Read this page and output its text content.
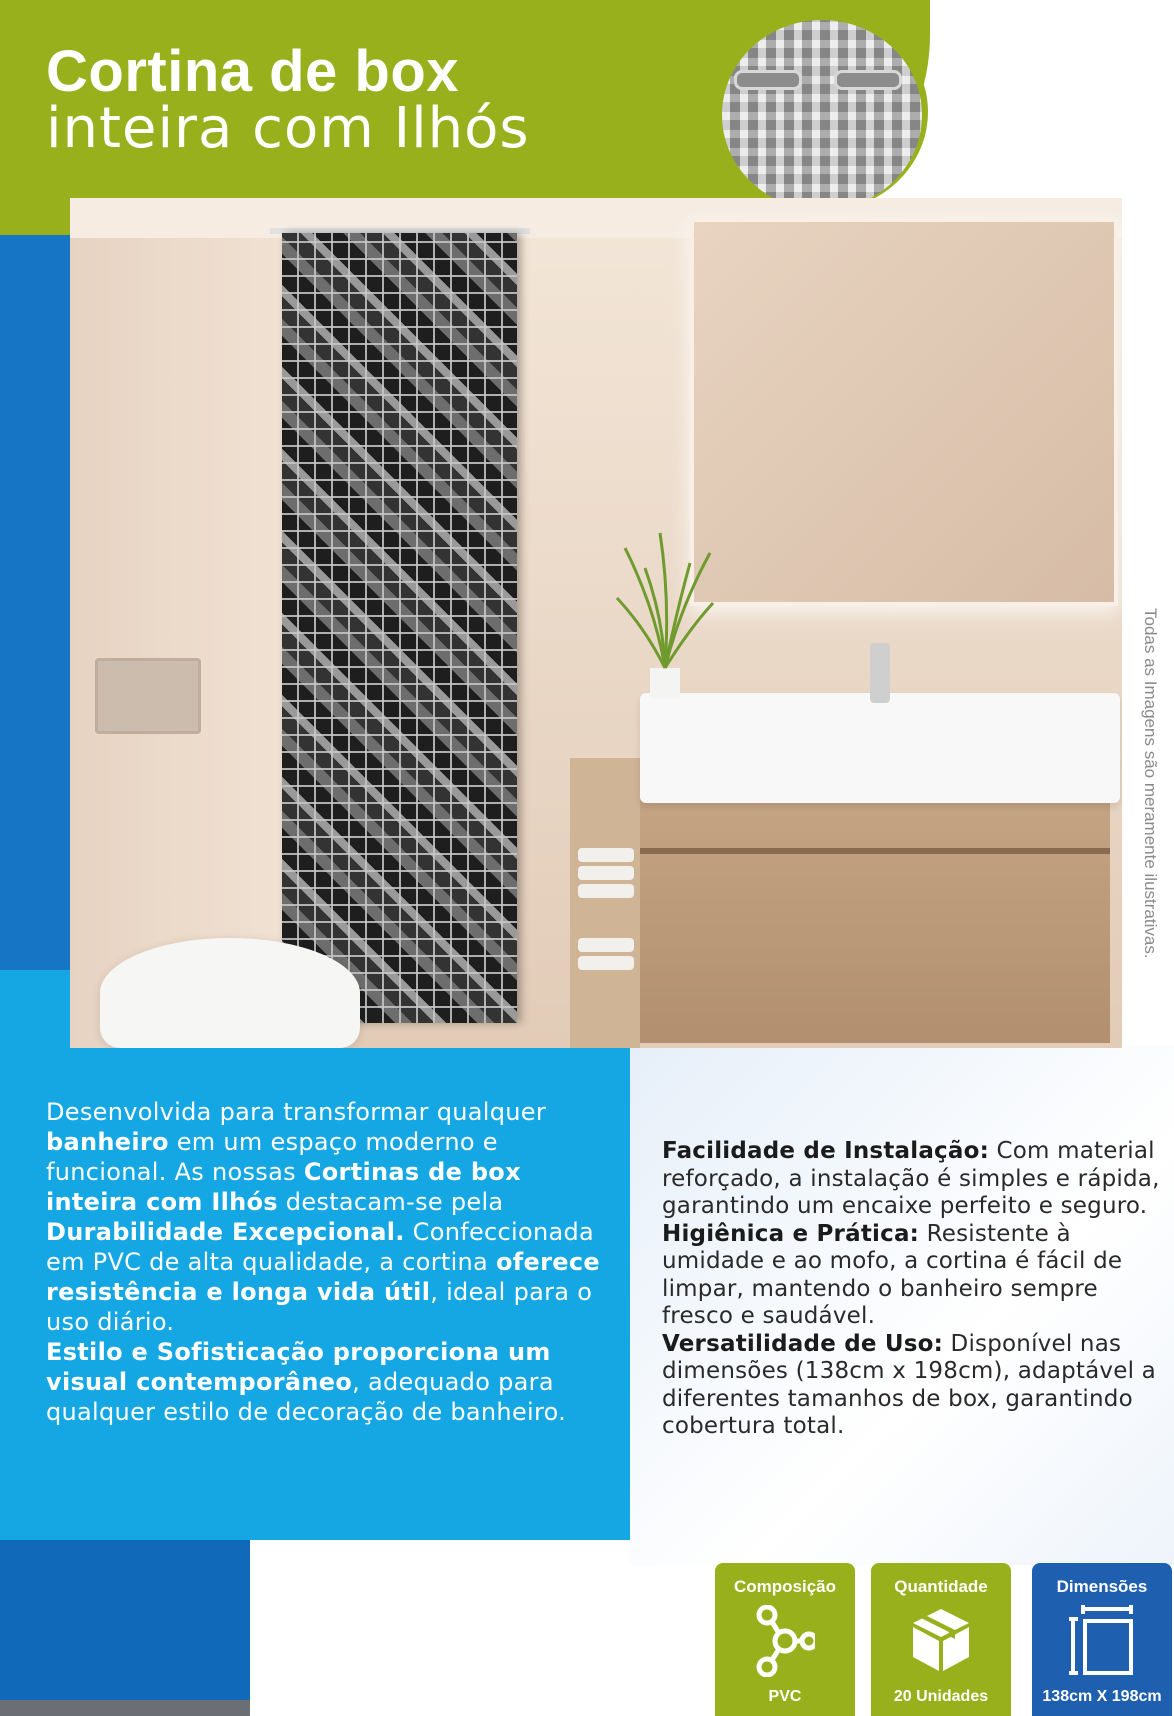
Cortina de box
inteira com Ilhós
Todas as Imagens são meramente ilustrativas.
Desenvolvida para transformar qualquer banheiro em um espaço moderno e funcional. As nossas Cortinas de box inteira com Ilhós destacam-se pela Durabilidade Excepcional. Confeccionada em PVC de alta qualidade, a cortina oferece resistência e longa vida útil, ideal para o uso diário.
Estilo e Sofisticação proporciona um visual contemporâneo, adequado para qualquer estilo de decoração de banheiro.
Facilidade de Instalação: Com material reforçado, a instalação é simples e rápida, garantindo um encaixe perfeito e seguro.
Higiênica e Prática: Resistente à umidade e ao mofo, a cortina é fácil de limpar, mantendo o banheiro sempre fresco e saudável.
Versatilidade de Uso: Disponível nas dimensões (138cm x 198cm), adaptável a diferentes tamanhos de box, garantindo cobertura total.
Composição
PVC
Quantidade
20 Unidades
Dimensões
138cm X 198cm
